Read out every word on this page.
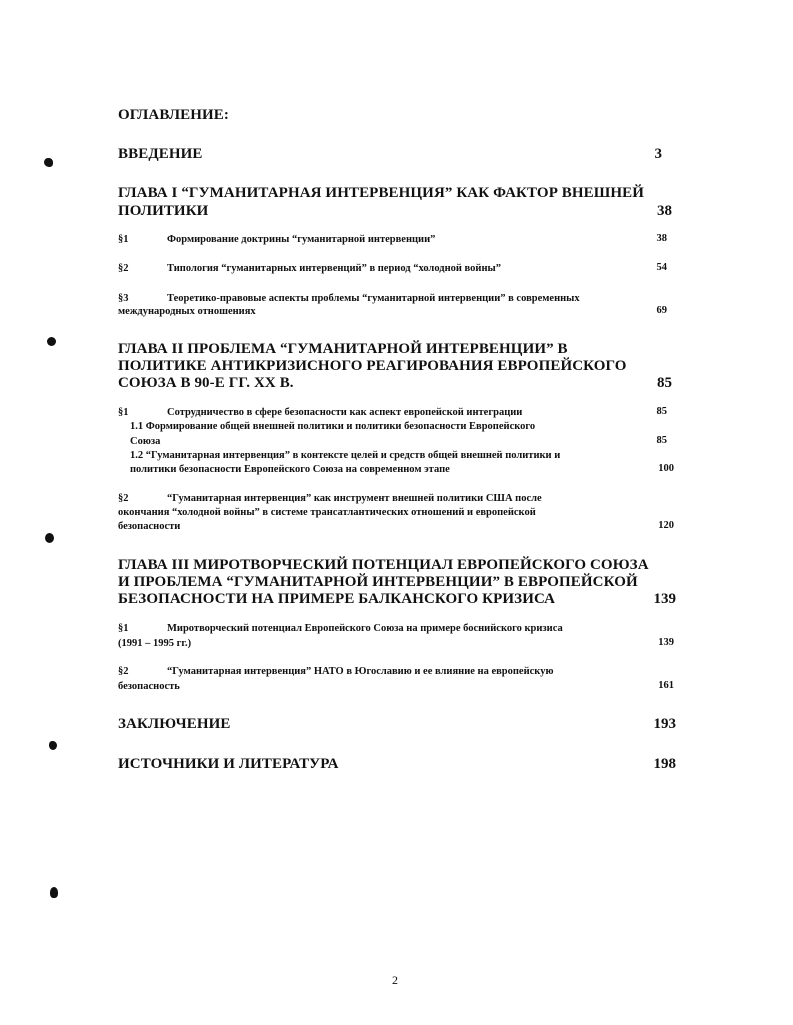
ОГЛАВЛЕНИЕ:
ВВЕДЕНИЕ	3
ГЛАВА I “ГУМАНИТАРНАЯ ИНТЕРВЕНЦИЯ” КАК ФАКТОР ВНЕШНЕЙ
ПОЛИТИКИ	38
§1	Формирование доктрины “гуманитарной интервенции”	38
§2	Типология “гуманитарных интервенций” в период “холодной войны”	54
§3	Теоретико-правовые аспекты проблемы “гуманитарной интервенции” в современных
международных отношениях	69
ГЛАВА II ПРОБЛЕМА “ГУМАНИТАРНОЙ ИНТЕРВЕНЦИИ” В
ПОЛИТИКЕ АНТИКРИЗИСНОГО РЕАГИРОВАНИЯ ЕВРОПЕЙСКОГО
СОЮЗА В 90-Е ГГ. XX В.	85
§1	Сотрудничество в сфере безопасности как аспект европейской интеграции	85
1.1 Формирование общей внешней политики и политики безопасности Европейского
Союза	85
1.2 “Гуманитарная интервенция” в контексте целей и средств общей внешней политики и
политики безопасности Европейского Союза на современном этапе	100
§2	“Гуманитарная интервенция” как инструмент внешней политики США после
окончания “холодной войны” в системе трансатлантических отношений и европейской
безопасности	120
ГЛАВА III МИРОТВОРЧЕСКИЙ ПОТЕНЦИАЛ ЕВРОПЕЙСКОГО СОЮЗА
И ПРОБЛЕМА “ГУМАНИТАРНОЙ ИНТЕРВЕНЦИИ” В ЕВРОПЕЙСКОЙ
БЕЗОПАСНОСТИ НА ПРИМЕРЕ БАЛКАНСКОГО КРИЗИСА	139
§1	Миротворческий потенциал Европейского Союза на примере боснийского кризиса
(1991 – 1995 гг.)	139
§2	“Гуманитарная интервенция” НАТО в Югославию и ее влияние на европейскую
безопасность	161
ЗАКЛЮЧЕНИЕ	193
ИСТОЧНИКИ И ЛИТЕРАТУРА	198
2
